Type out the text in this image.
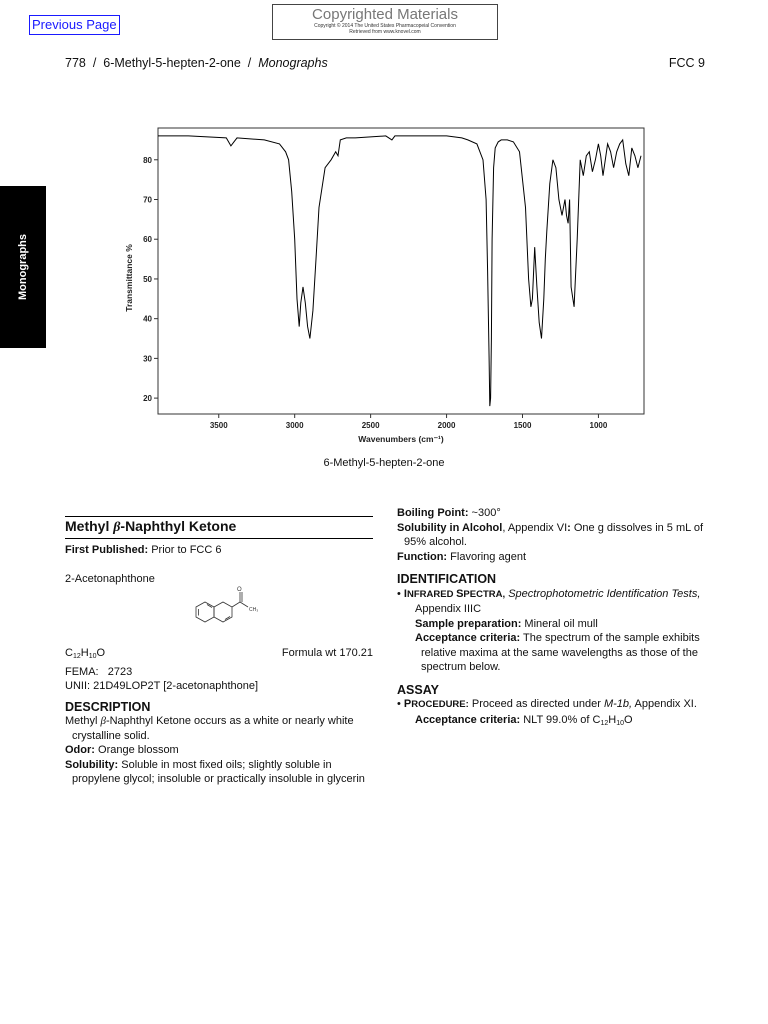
Previous Page
Copyrighted Materials
Copyright © 2014 The United States Pharmacopeial Convention
Retrieved from www.knovel.com
778  /  6-Methyl-5-hepten-2-one  /  Monographs	FCC 9
Monographs
3500	3000	2500	2000	1500	1000
20
30
40
50
60
70
80
Wavenumbers (cm⁻¹)
Transmittance %
6-Methyl-5-hepten-2-one
Methyl β-Naphthyl Ketone
First Published: Prior to FCC 6
2-Acetonaphthone
O
CH₃
$C_{12}H_{10}O$	Formula wt 170.21
FEMA: 2723
UNII: 21D49LOP2T [2-acetonaphthone]
DESCRIPTION
Methyl β-Naphthyl Ketone occurs as a white or nearly white crystalline solid.
Odor: Orange blossom
Solubility: Soluble in most fixed oils; slightly soluble in propylene glycol; insoluble or practically insoluble in glycerin
Boiling Point: ~300°
Solubility in Alcohol, Appendix VI: One g dissolves in 5 mL of 95% alcohol.
Function: Flavoring agent
IDENTIFICATION
• INFRARED SPECTRA, Spectrophotometric Identification Tests, Appendix IIIC
Sample preparation: Mineral oil mull
Acceptance criteria: The spectrum of the sample exhibits relative maxima at the same wavelengths as those of the spectrum below.
ASSAY
• PROCEDURE: Proceed as directed under M-1b, Appendix XI.
Acceptance criteria: NLT 99.0% of $C_{12}H_{10}O$
